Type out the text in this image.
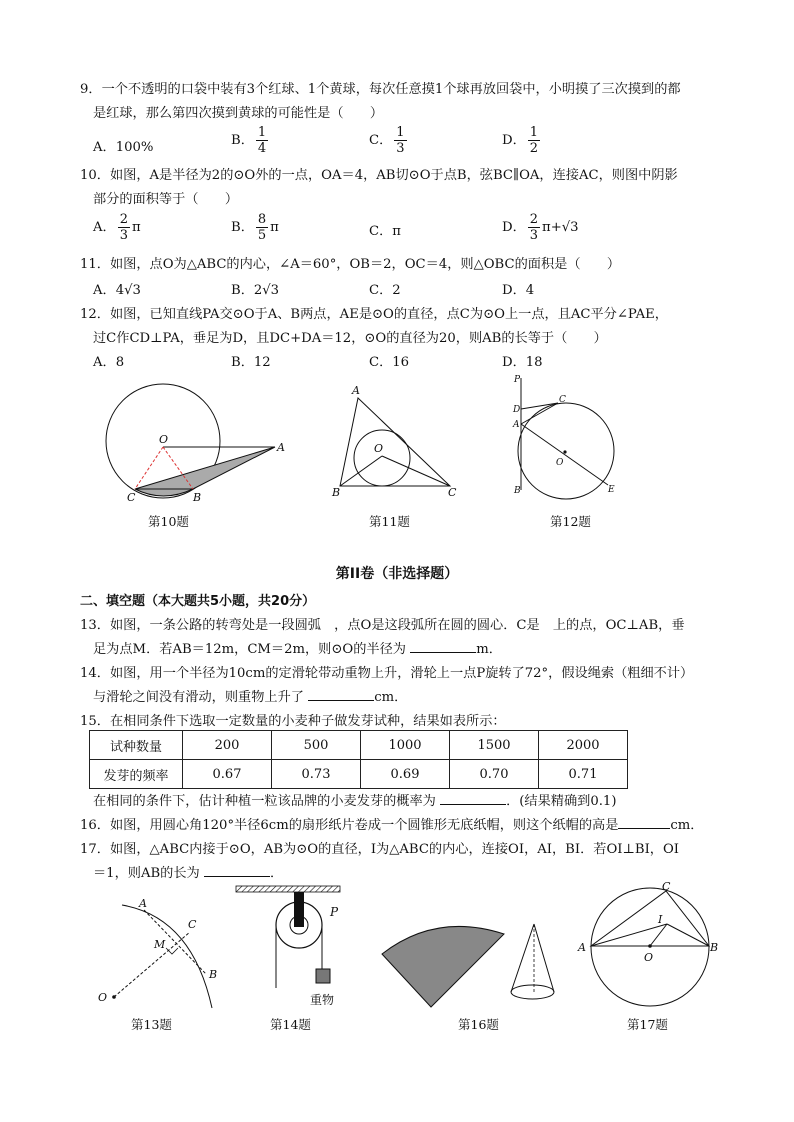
9．一个不透明的口袋中装有3个红球、1个黄球，每次任意摸1个球再放回袋中，小明摸了三次摸到的都
是红球，那么第四次摸到黄球的可能性是（　　）
A．100%	B． $\frac{1}{4}$	C． $\frac{1}{3}$	D． $\frac{1}{2}$
10．如图，A是半径为2的⊙O外的一点，OA＝4，AB切⊙O于点B，弦BC∥OA，连接AC，则图中阴影
部分的面积等于（　　）
A． $\frac{2}{3}$ π	B． $\frac{8}{5}$ π	C．π	D． $\frac{2}{3} \pi+√3$
11．如图，点O为△ABC的内心，∠A＝60°，OB＝2，OC＝4，则△OBC的面积是（　　）
A．4√3	B．2√3	C．2	D．4
12．如图，已知直线PA交⊙O于A、B两点，AE是⊙O的直径，点C为⊙O上一点，且AC平分∠PAE，
过C作CD⊥PA，垂足为D，且DC+DA＝12，⊙O的直径为20，则AB的长等于（　　）
A．8	B．12	C．16	D．18
O
A
C	B
第10题
A
O
B	C
第11题
P
D
C
A
O
B	E
第12题
第II卷（非选择题）
二、填空题（本大题共5小题，共20分）
13．如图，一条公路的转弯处是一段圆弧　，点O是这段弧所在圆的圆心．C是　上的点，OC⊥AB，垂
足为点M．若AB＝12m，CM＝2m，则⊙O的半径为	m．
14．如图，用一个半径为10cm的定滑轮带动重物上升，滑轮上一点P旋转了72°，假设绳索（粗细不计）
与滑轮之间没有滑动，则重物上升了	cm．
15．在相同条件下选取一定数量的小麦种子做发芽试种，结果如表所示：
试种数量	200	500	1000	1500	2000
发芽的频率	0.67	0.73	0.69	0.70	0.71
在相同的条件下，估计种植一粒该品牌的小麦发芽的概率为	．(结果精确到0.1)
16．如图，用圆心角120°半径6cm的扇形纸片卷成一个圆锥形无底纸帽，则这个纸帽的高是	cm．
17．如图，△ABC内接于⊙O，AB为⊙O的直径，I为△ABC的内心，连接OI，AI，BI．若OI⊥BI，OI
＝1，则AB的长为	．
A
C
M
B
O
第13题
P
重物
第14题	第16题
C
I
A	B
O
第17题
